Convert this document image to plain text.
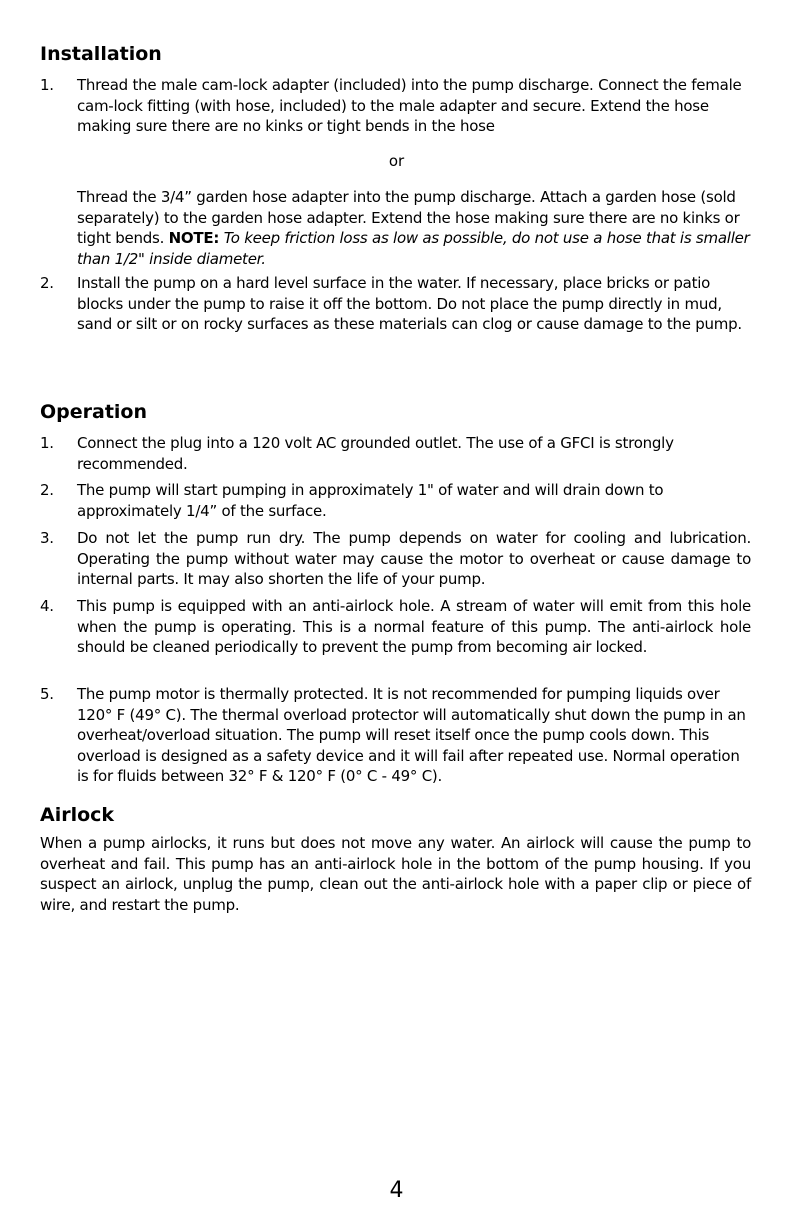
Installation
1. Thread the male cam-lock adapter (included) into the pump discharge. Connect the female cam-lock fitting (with hose, included) to the male adapter and secure. Extend the hose making sure there are no kinks or tight bends in the hose
or
Thread the 3/4” garden hose adapter into the pump discharge. Attach a garden hose (sold separately) to the garden hose adapter. Extend the hose making sure there are no kinks or tight bends. NOTE: To keep friction loss as low as possible, do not use a hose that is smaller than 1/2" inside diameter.
2. Install the pump on a hard level surface in the water. If necessary, place bricks or patio blocks under the pump to raise it off the bottom. Do not place the pump directly in mud, sand or silt or on rocky surfaces as these materials can clog or cause damage to the pump.
Operation
1. Connect the plug into a 120 volt AC grounded outlet. The use of a GFCI is strongly recommended.
2. The pump will start pumping in approximately 1" of water and will drain down to approximately 1/4” of the surface.
3. Do not let the pump run dry. The pump depends on water for cooling and lubrication. Operating the pump without water may cause the motor to overheat or cause damage to internal parts. It may also shorten the life of your pump.
4. This pump is equipped with an anti-airlock hole. A stream of water will emit from this hole when the pump is operating. This is a normal feature of this pump. The anti-airlock hole should be cleaned periodically to prevent the pump from becoming air locked.
5. The pump motor is thermally protected. It is not recommended for pumping liquids over 120° F (49° C). The thermal overload protector will automatically shut down the pump in an overheat/overload situation. The pump will reset itself once the pump cools down. This overload is designed as a safety device and it will fail after repeated use. Normal operation is for fluids between 32° F & 120° F (0° C - 49° C).
Airlock
When a pump airlocks, it runs but does not move any water. An airlock will cause the pump to overheat and fail. This pump has an anti-airlock hole in the bottom of the pump housing. If you suspect an airlock, unplug the pump, clean out the anti-airlock hole with a paper clip or piece of wire, and restart the pump.
4
